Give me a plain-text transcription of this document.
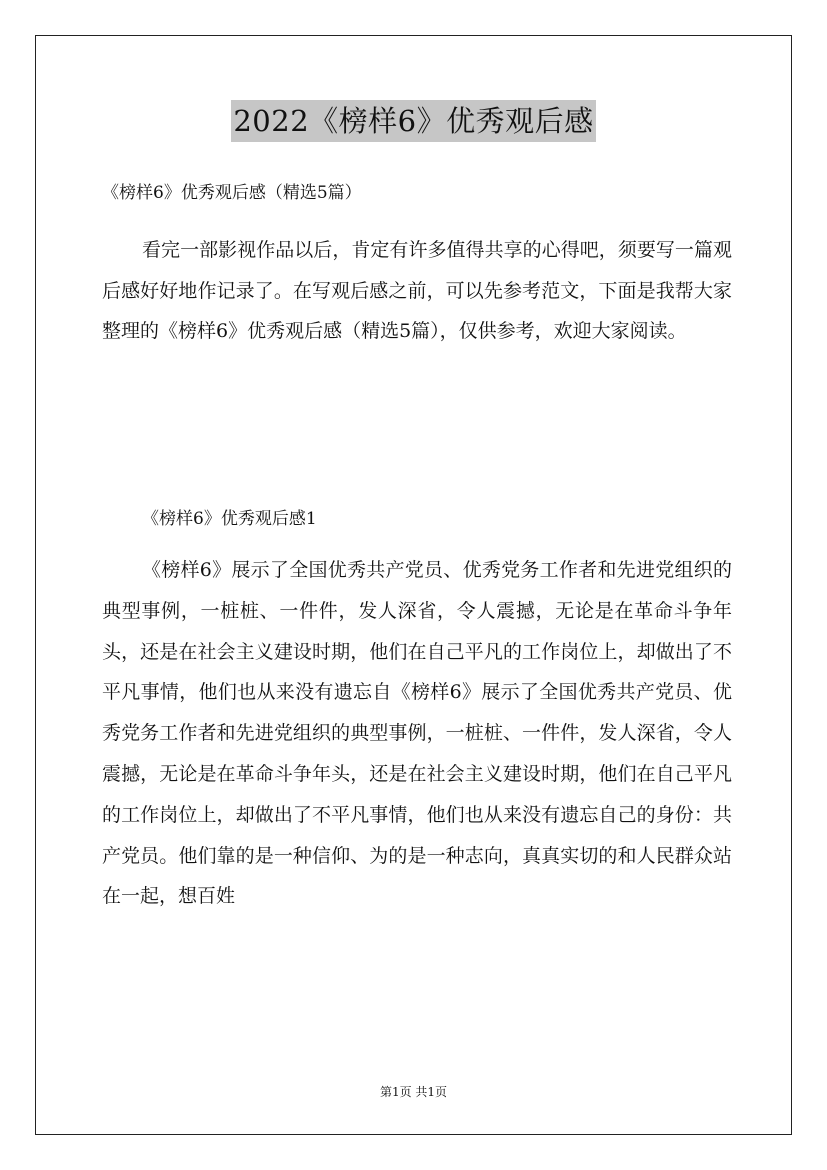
2022《榜样6》优秀观后感
《榜样6》优秀观后感（精选5篇）

看完一部影视作品以后，肯定有许多值得共享的心得吧，须要写一篇观后感好好地作记录了。在写观后感之前，可以先参考范文，下面是我帮大家整理的《榜样6》优秀观后感（精选5篇），仅供参考，欢迎大家阅读。

《榜样6》优秀观后感1

《榜样6》展示了全国优秀共产党员、优秀党务工作者和先进党组织的典型事例，一桩桩、一件件，发人深省，令人震撼，无论是在革命斗争年头，还是在社会主义建设时期，他们在自己平凡的工作岗位上，却做出了不平凡事情，他们也从来没有遗忘自《榜样6》展示了全国优秀共产党员、优秀党务工作者和先进党组织的典型事例，一桩桩、一件件，发人深省，令人震撼，无论是在革命斗争年头，还是在社会主义建设时期，他们在自己平凡的工作岗位上，却做出了不平凡事情，他们也从来没有遗忘自己的身份：共产党员。他们靠的是一种信仰、为的是一种志向，真真实切的和人民群众站在一起，想百姓

第1页 共1页
